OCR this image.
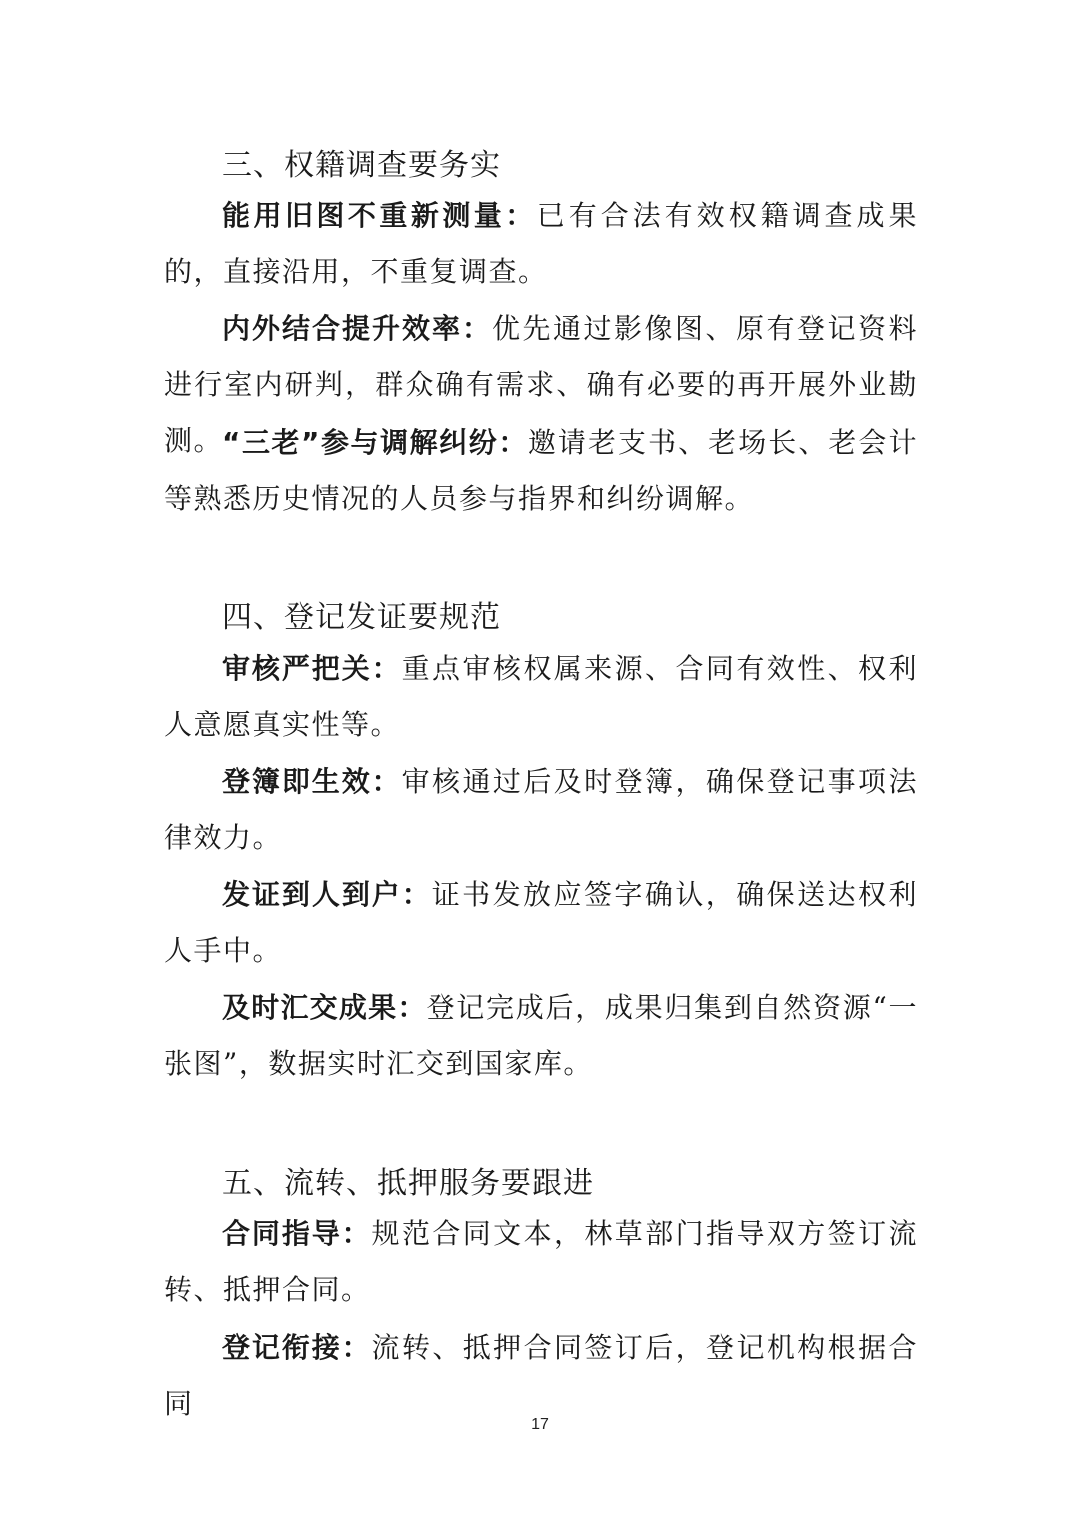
三、权籍调查要务实

能用旧图不重新测量：已有合法有效权籍调查成果的，直接沿用，不重复调查。

内外结合提升效率：优先通过影像图、原有登记资料进行室内研判，群众确有需求、确有必要的再开展外业勘测。

“三老”参与调解纠纷：邀请老支书、老场长、老会计等熟悉历史情况的人员参与指界和纠纷调解。

四、登记发证要规范

审核严把关：重点审核权属来源、合同有效性、权利人意愿真实性等。

登簿即生效：审核通过后及时登簿，确保登记事项法律效力。

发证到人到户：证书发放应签字确认，确保送达权利人手中。

及时汇交成果：登记完成后，成果归集到自然资源“一张图”，数据实时汇交到国家库。

五、流转、抵押服务要跟进

合同指导：规范合同文本，林草部门指导双方签订流转、抵押合同。

登记衔接：流转、抵押合同签订后，登记机构根据合同

17
